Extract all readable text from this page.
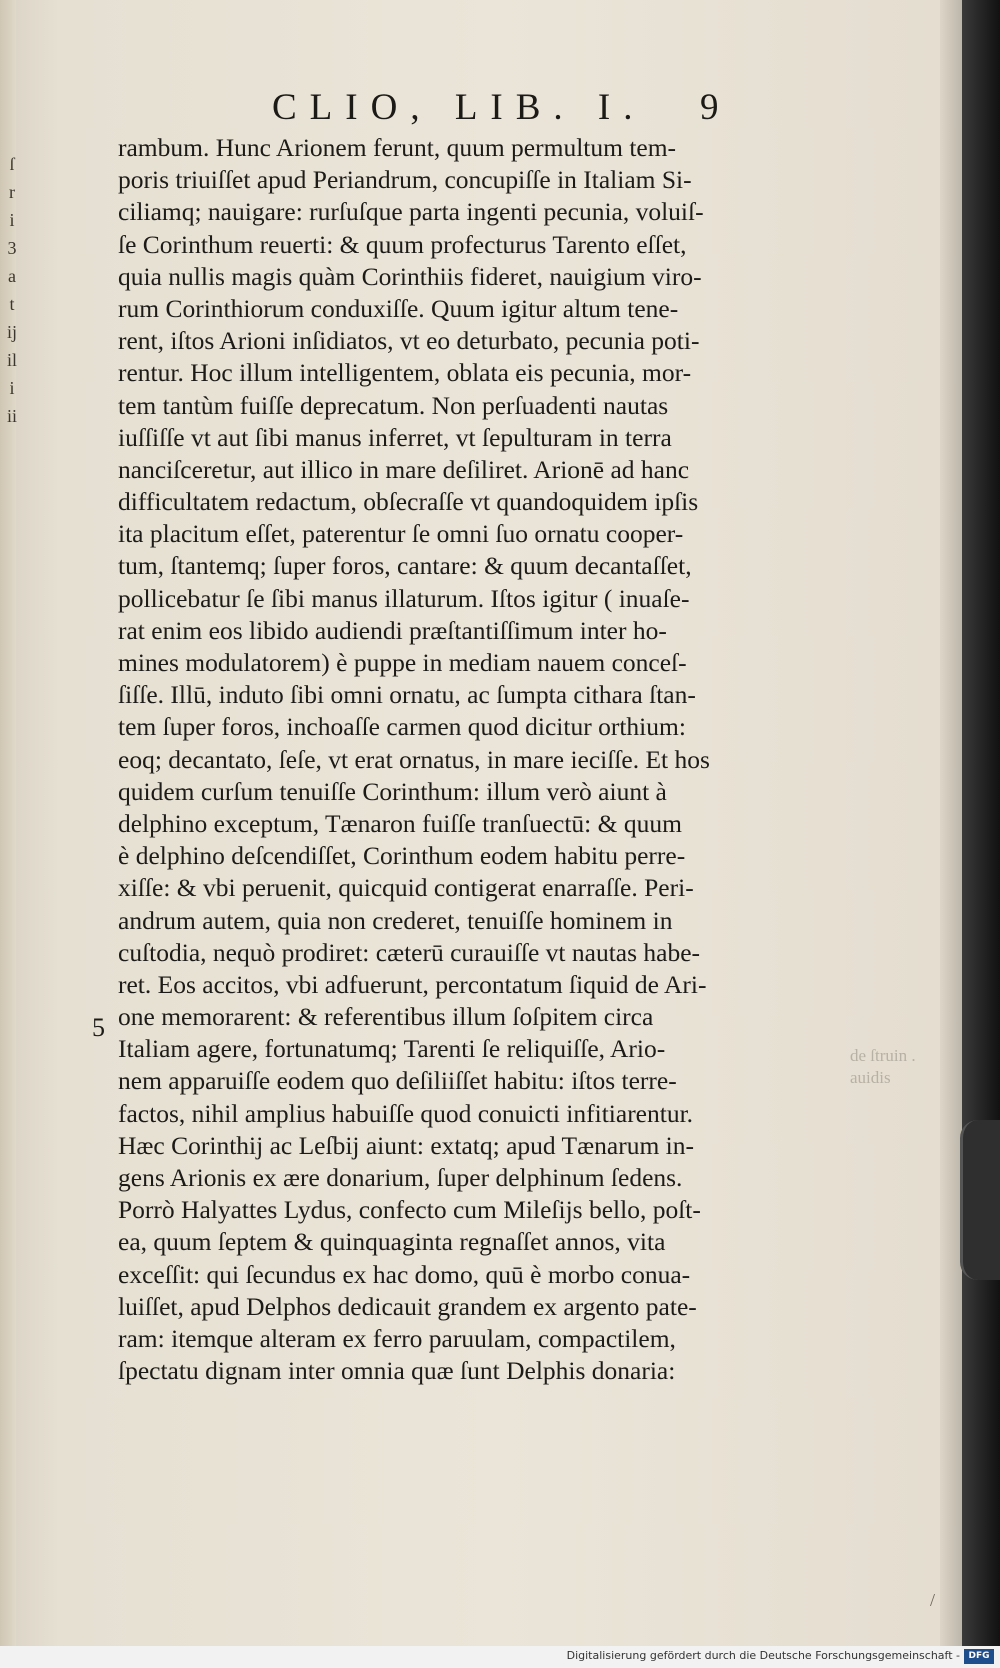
ſ
r
i
3
a
t
ij
il
i
ii
CLIO, LIB. I. 9
rambum. Hunc Arionem ferunt, quum permultum tem-
poris triuiſſet apud Periandrum, concupiſſe in Italiam Si-
ciliamq; nauigare: rurſuſque parta ingenti pecunia, voluiſ-
ſe Corinthum reuerti: & quum profecturus Tarento eſſet,
quia nullis magis quàm Corinthiis fideret, nauigium viro-
rum Corinthiorum conduxiſſe. Quum igitur altum tene-
rent, iſtos Arioni inſidiatos, vt eo deturbato, pecunia poti-
rentur. Hoc illum intelligentem, oblata eis pecunia, mor-
tem tantùm fuiſſe deprecatum. Non perſuadenti nautas
iuſſiſſe vt aut ſibi manus inferret, vt ſepulturam in terra
nanciſceretur, aut illico in mare deſiliret. Arionē ad hanc
difficultatem redactum, obſecraſſe vt quandoquidem ipſis
ita placitum eſſet, paterentur ſe omni ſuo ornatu cooper-
tum, ſtantemq; ſuper foros, cantare: & quum decantaſſet,
pollicebatur ſe ſibi manus illaturum. Iſtos igitur ( inuaſe-
rat enim eos libido audiendi præſtantiſſimum inter ho-
mines modulatorem) è puppe in mediam nauem conceſ-
ſiſſe. Illū, induto ſibi omni ornatu, ac ſumpta cithara ſtan-
tem ſuper foros, inchoaſſe carmen quod dicitur orthium:
eoq; decantato, ſeſe, vt erat ornatus, in mare ieciſſe. Et hos
quidem curſum tenuiſſe Corinthum: illum verò aiunt à
delphino exceptum, Tænaron fuiſſe tranſuectū: & quum
è delphino deſcendiſſet, Corinthum eodem habitu perre-
xiſſe: & vbi peruenit, quicquid contigerat enarraſſe. Peri-
andrum autem, quia non crederet, tenuiſſe hominem in
cuſtodia, nequò prodiret: cæterū curauiſſe vt nautas habe-
ret. Eos accitos, vbi adfuerunt, percontatum ſiquid de Ari-
one memorarent: & referentibus illum ſoſpitem circa
Italiam agere, fortunatumq; Tarenti ſe reliquiſſe, Ario-
nem apparuiſſe eodem quo deſiliiſſet habitu: iſtos terre-
factos, nihil amplius habuiſſe quod conuicti infitiarentur.
Hæc Corinthij ac Leſbij aiunt: extatq; apud Tænarum in-
gens Arionis ex ære donarium, ſuper delphinum ſedens.
Porrò Halyattes Lydus, confecto cum Mileſijs bello, poſt-
ea, quum ſeptem & quinquaginta regnaſſet annos, vita
exceſſit: qui ſecundus ex hac domo, quū è morbo conua-
luiſſet, apud Delphos dedicauit grandem ex argento pate-
ram: itemque alteram ex ferro paruulam, compactilem,
ſpectatu dignam inter omnia quæ ſunt Delphis donaria:
5
de ſtruin .
auidis
/
Digitalisierung gefördert durch die Deutsche Forschungsgemeinschaft - DFG
